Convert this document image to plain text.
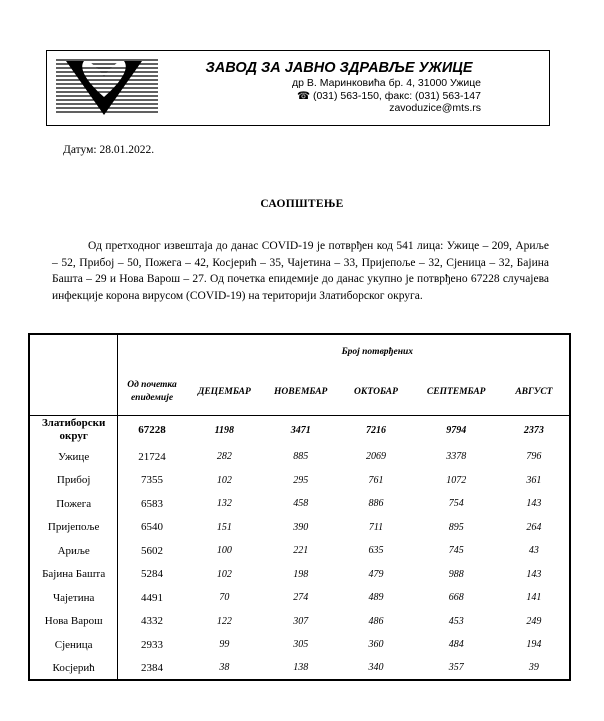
ЗАВОД ЗА ЈАВНО ЗДРАВЉЕ УЖИЦЕ
др В. Маринковића бр. 4, 31000 Ужице
☎ (031) 563-150, факс: (031) 563-147
zavoduzice@mts.rs
Датум: 28.01.2022.
САОПШТЕЊЕ

Од претходног извештаја до данас COVID-19 је потврђен код 541 лица: Ужице – 209, Ариље – 52, Прибој – 50, Пожега – 42, Косјерић – 35, Чајетина – 33, Пријепоље – 32, Сјеница – 32, Бајина Башта – 29 и Нова Варош – 27. Од почетка епидемије до данас укупно је потврђено 67228 случајева инфекције корона вирусом (COVID-19) на територији Златиборског округа.

		Број потврђених				
	Од почетка епидемије	ДЕЦЕМБАР	НОВЕМБАР	ОКТОБАР	СЕПТЕМБАР	АВГУСТ
Златиборски округ	67228	1198	3471	7216	9794	2373
Ужице	21724	282	885	2069	3378	796
Прибој	7355	102	295	761	1072	361
Пожега	6583	132	458	886	754	143
Пријепоље	6540	151	390	711	895	264
Ариље	5602	100	221	635	745	43
Бајина Башта	5284	102	198	479	988	143
Чајетина	4491	70	274	489	668	141
Нова Варош	4332	122	307	486	453	249
Сјеница	2933	99	305	360	484	194
Косјерић	2384	38	138	340	357	39
